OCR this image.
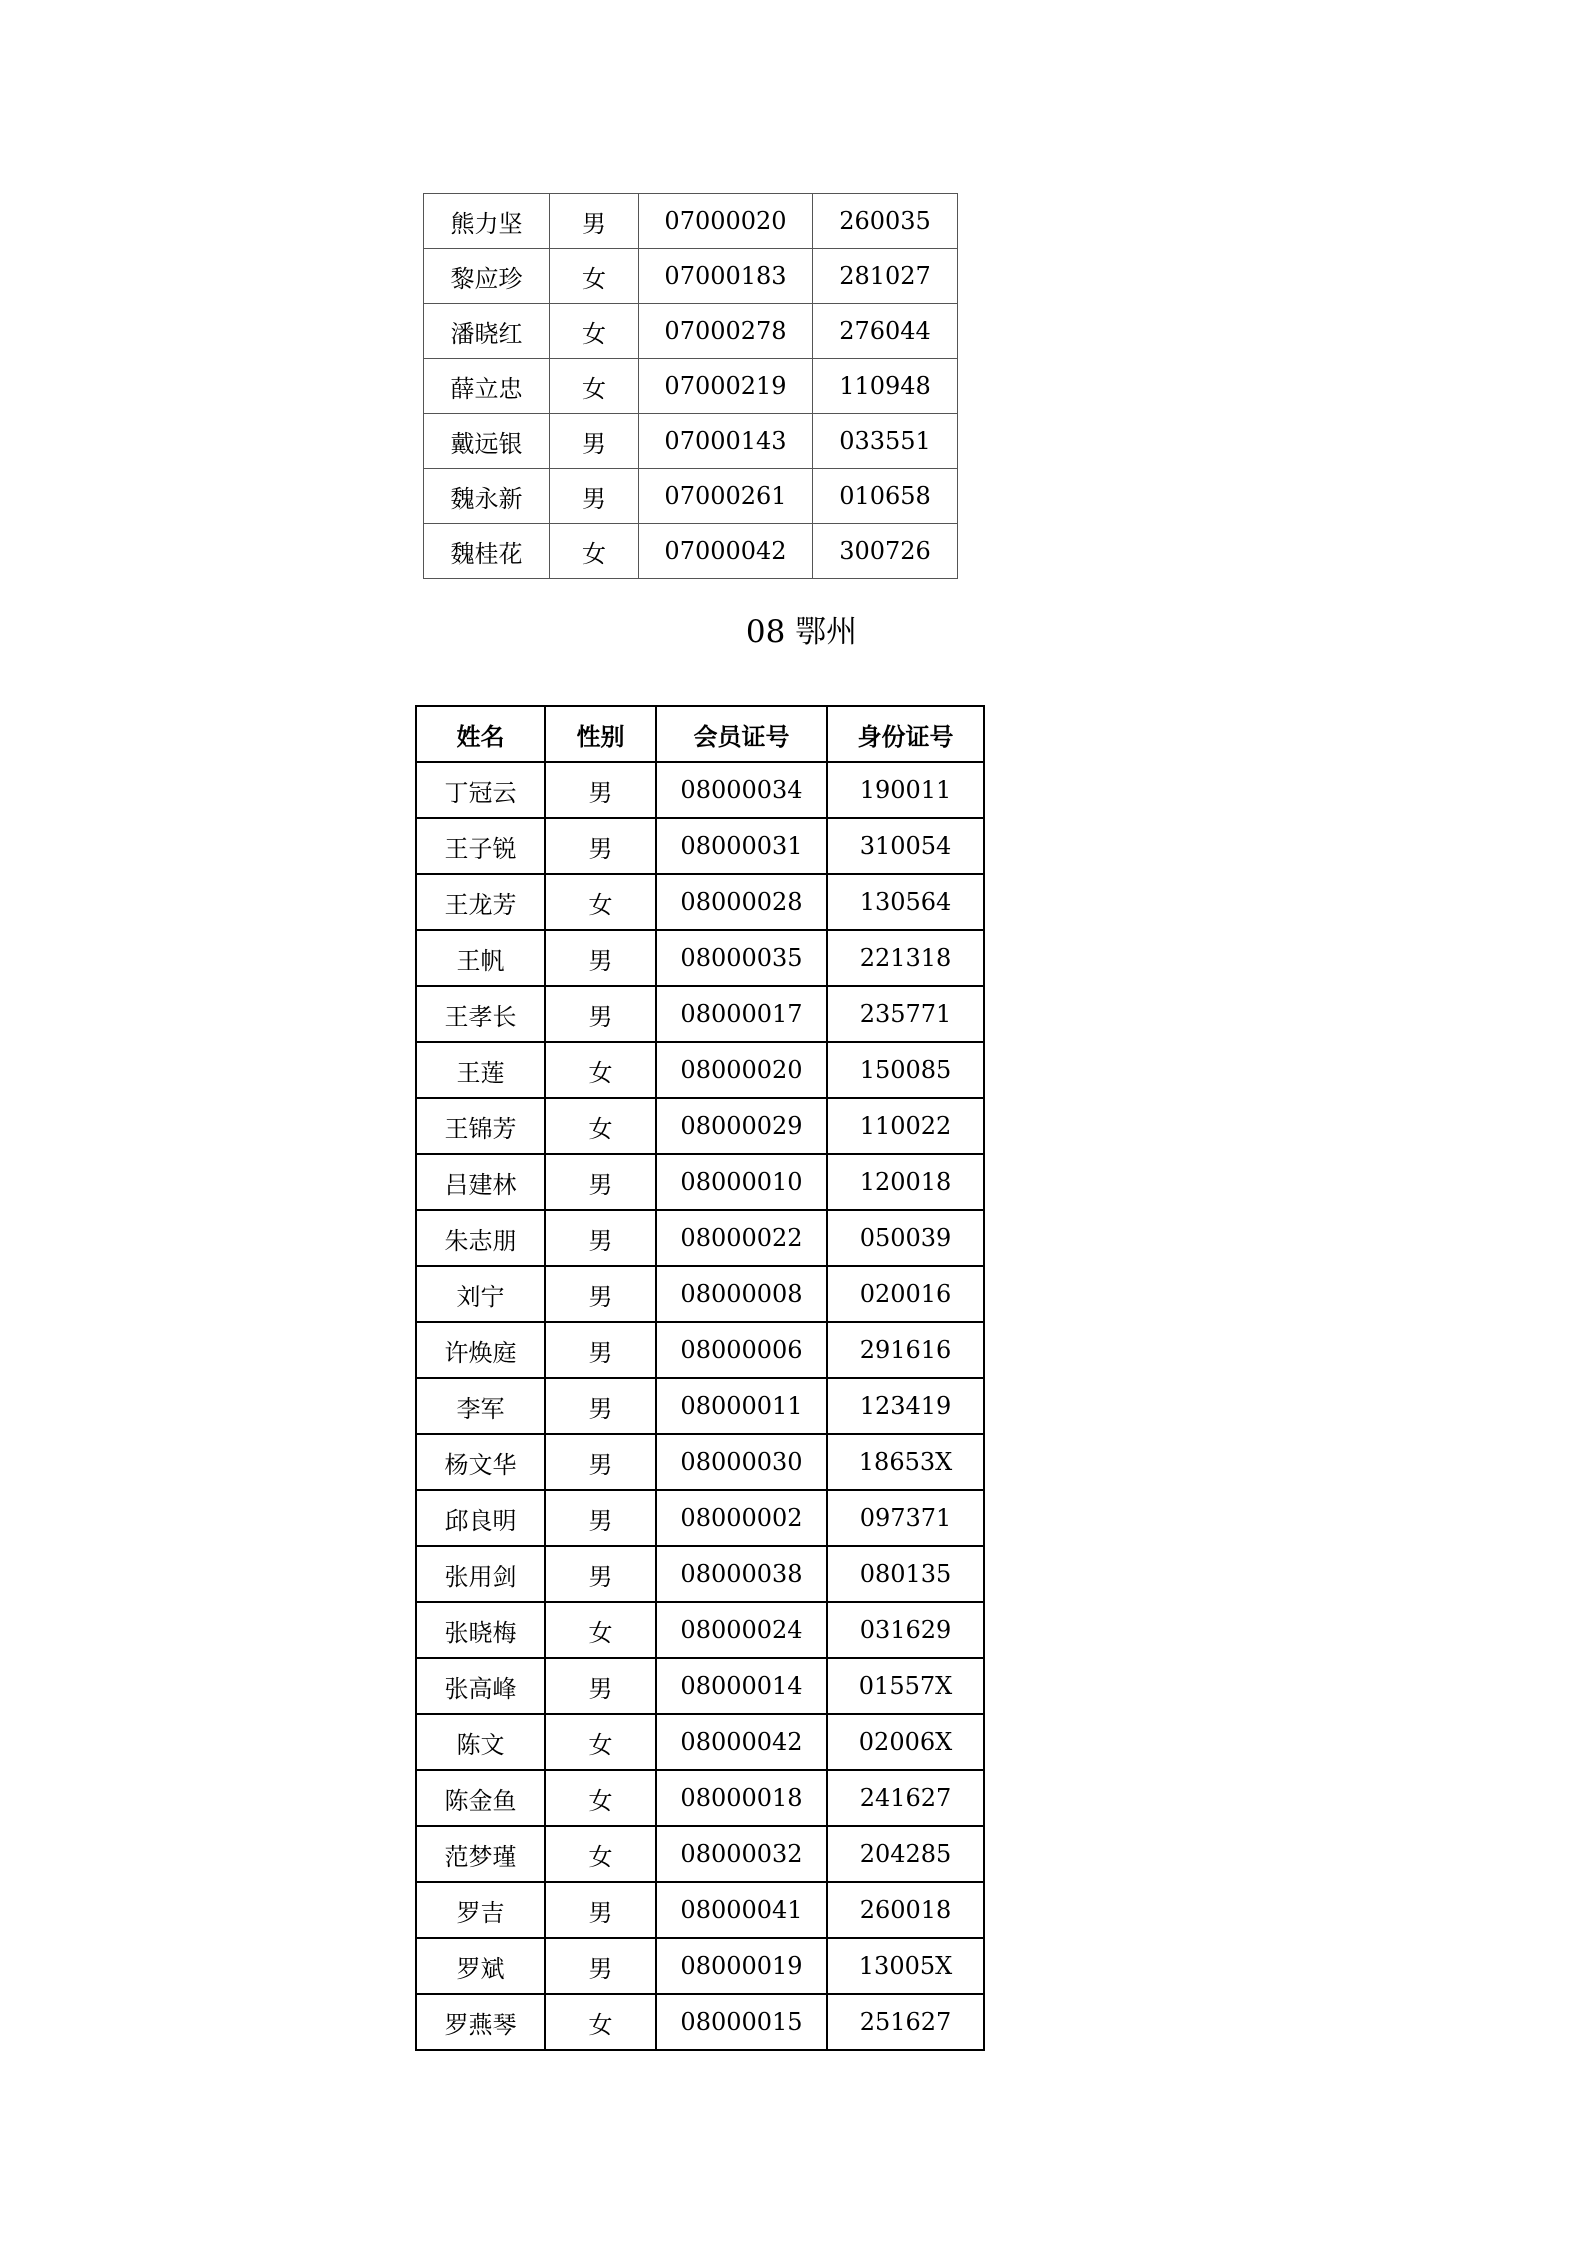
熊力坚	男	07000020	260035
黎应珍	女	07000183	281027
潘晓红	女	07000278	276044
薛立忠	女	07000219	110948
戴远银	男	07000143	033551
魏永新	男	07000261	010658
魏桂花	女	07000042	300726
08 鄂州
姓名	性别	会员证号	身份证号
丁冠云	男	08000034	190011
王子锐	男	08000031	310054
王龙芳	女	08000028	130564
王帆	男	08000035	221318
王孝长	男	08000017	235771
王莲	女	08000020	150085
王锦芳	女	08000029	110022
吕建林	男	08000010	120018
朱志朋	男	08000022	050039
刘宁	男	08000008	020016
许焕庭	男	08000006	291616
李军	男	08000011	123419
杨文华	男	08000030	18653X
邱良明	男	08000002	097371
张用剑	男	08000038	080135
张晓梅	女	08000024	031629
张高峰	男	08000014	01557X
陈文	女	08000042	02006X
陈金鱼	女	08000018	241627
范梦瑾	女	08000032	204285
罗吉	男	08000041	260018
罗斌	男	08000019	13005X
罗燕琴	女	08000015	251627
